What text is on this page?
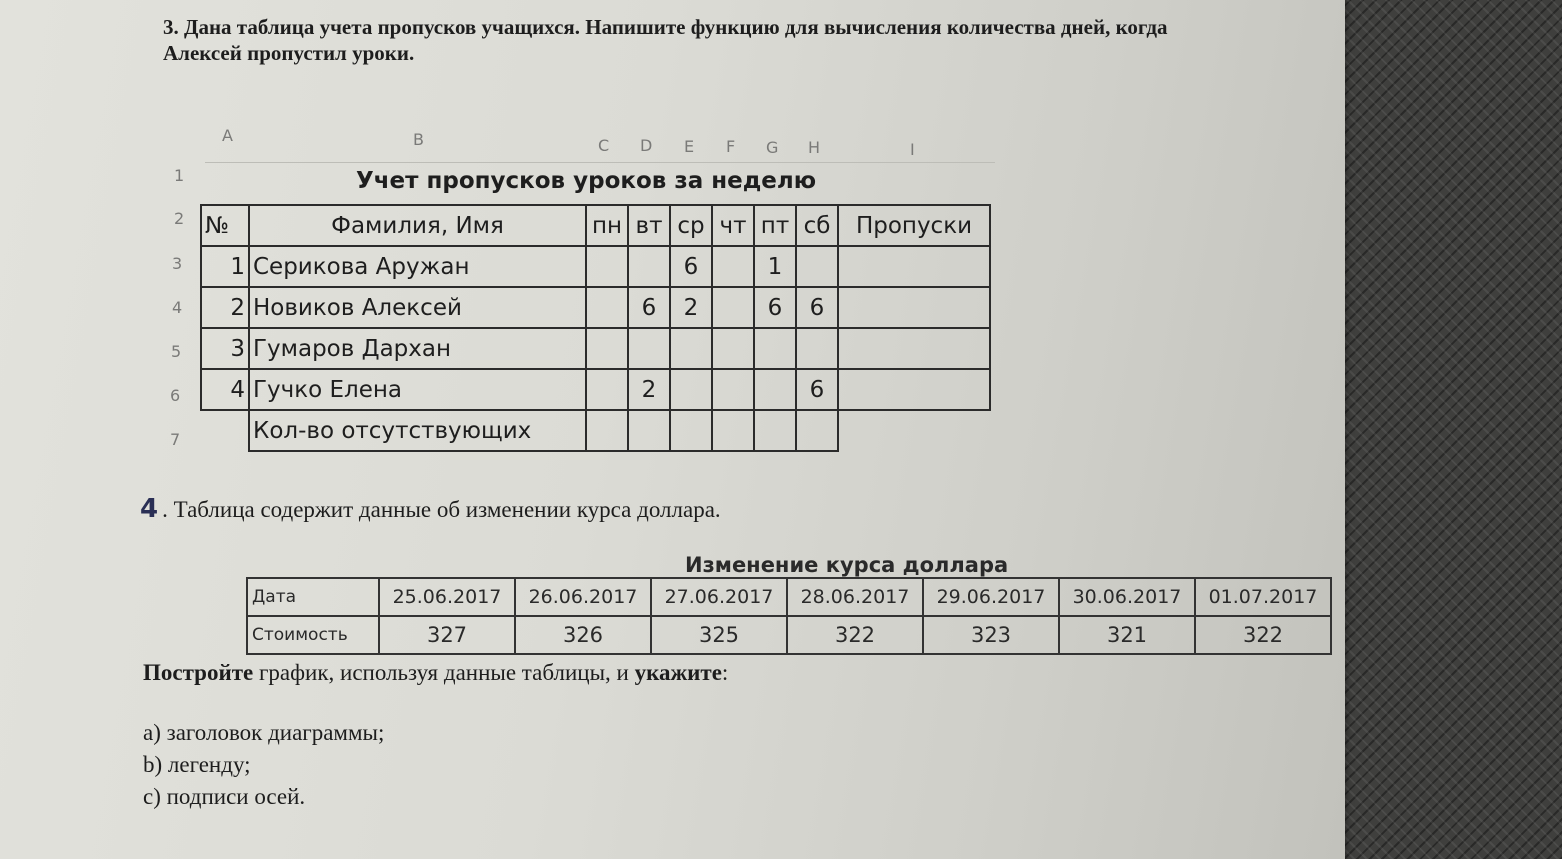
3. Дана таблица учета пропусков учащихся. Напишите функцию для вычисления количества дней, когда Алексей пропустил уроки.
A	B	C D E F G H	I
1
2
3
4
5
6
7
Учет пропусков уроков за неделю
№	Фамилия, Имя	пн	вт	ср	чт	пт	сб	Пропуски
1	Серикова Аружан			6		1		
2	Новиков Алексей		6	2		6	6	
3	Гумаров Дархан							
4	Гучко Елена		2				6	
	Кол-во отсутствующих							
4 . Таблица содержит данные об изменении курса доллара.
Изменение курса доллара
Дата	25.06.2017	26.06.2017	27.06.2017	28.06.2017	29.06.2017	30.06.2017	01.07.2017
Стоимость	327	326	325	322	323	321	322
Постройте график, используя данные таблицы, и укажите:
а) заголовок диаграммы;
b) легенду;
c) подписи осей.
